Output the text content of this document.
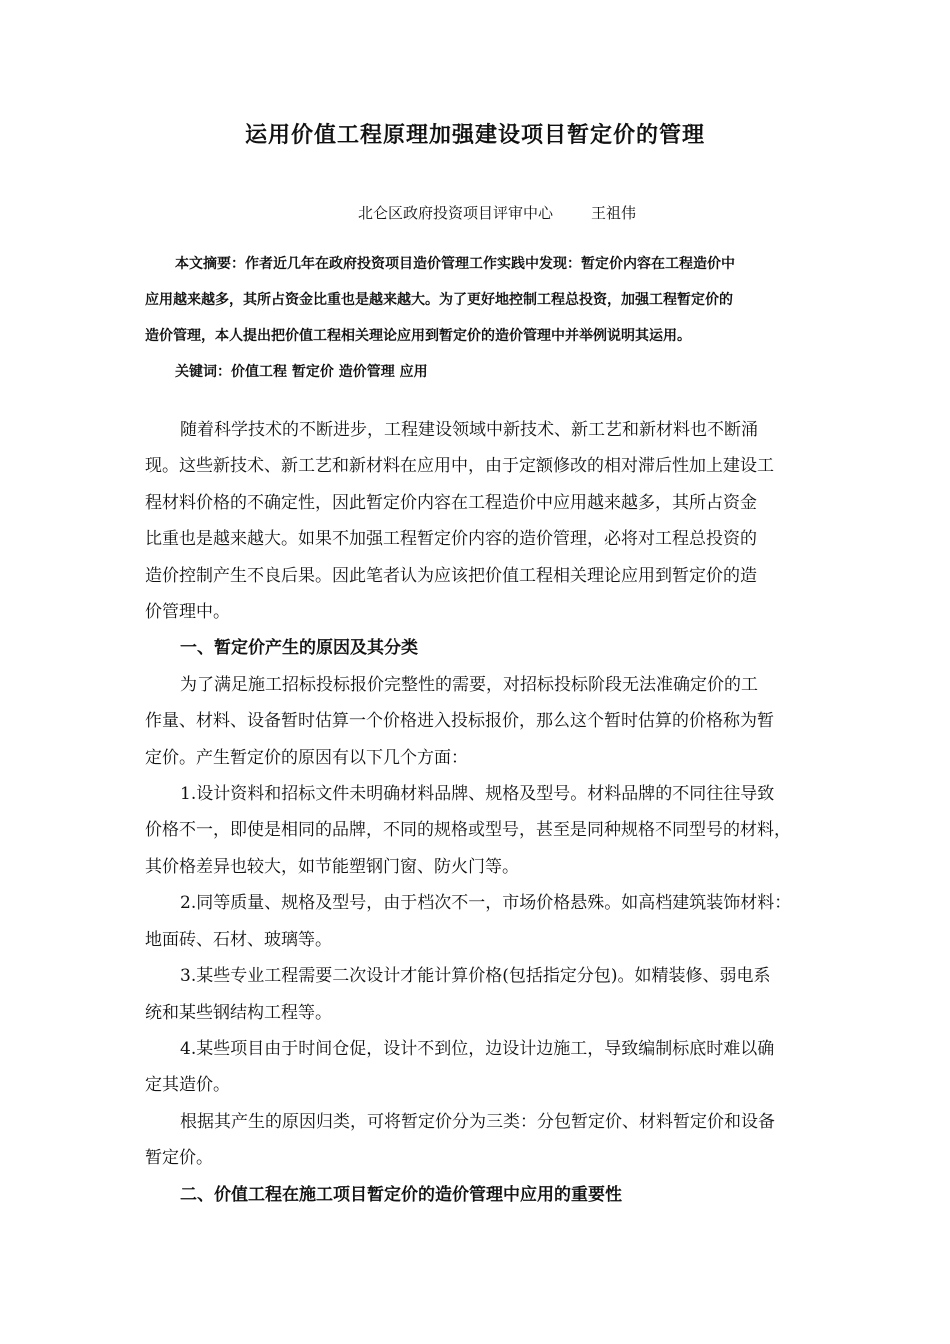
运用价值工程原理加强建设项目暂定价的管理
北仑区政府投资项目评审中心	王祖伟
本文摘要：作者近几年在政府投资项目造价管理工作实践中发现：暂定价内容在工程造价中
应用越来越多，其所占资金比重也是越来越大。为了更好地控制工程总投资，加强工程暂定价的
造价管理，本人提出把价值工程相关理论应用到暂定价的造价管理中并举例说明其运用。
关键词：价值工程 暂定价 造价管理 应用
随着科学技术的不断进步，工程建设领域中新技术、新工艺和新材料也不断涌
现。这些新技术、新工艺和新材料在应用中，由于定额修改的相对滞后性加上建设工
程材料价格的不确定性，因此暂定价内容在工程造价中应用越来越多，其所占资金
比重也是越来越大。如果不加强工程暂定价内容的造价管理，必将对工程总投资的
造价控制产生不良后果。因此笔者认为应该把价值工程相关理论应用到暂定价的造
价管理中。
一、暂定价产生的原因及其分类
为了满足施工招标投标报价完整性的需要，对招标投标阶段无法准确定价的工
作量、材料、设备暂时估算一个价格进入投标报价，那么这个暂时估算的价格称为暂
定价。产生暂定价的原因有以下几个方面：
1.设计资料和招标文件未明确材料品牌、规格及型号。材料品牌的不同往往导致
价格不一，即使是相同的品牌，不同的规格或型号，甚至是同种规格不同型号的材料，
其价格差异也较大，如节能塑钢门窗、防火门等。
2.同等质量、规格及型号，由于档次不一，市场价格悬殊。如高档建筑装饰材料：
地面砖、石材、玻璃等。
3.某些专业工程需要二次设计才能计算价格(包括指定分包)。如精装修、弱电系
统和某些钢结构工程等。
4.某些项目由于时间仓促，设计不到位，边设计边施工，导致编制标底时难以确
定其造价。
根据其产生的原因归类，可将暂定价分为三类：分包暂定价、材料暂定价和设备
暂定价。
二、价值工程在施工项目暂定价的造价管理中应用的重要性
